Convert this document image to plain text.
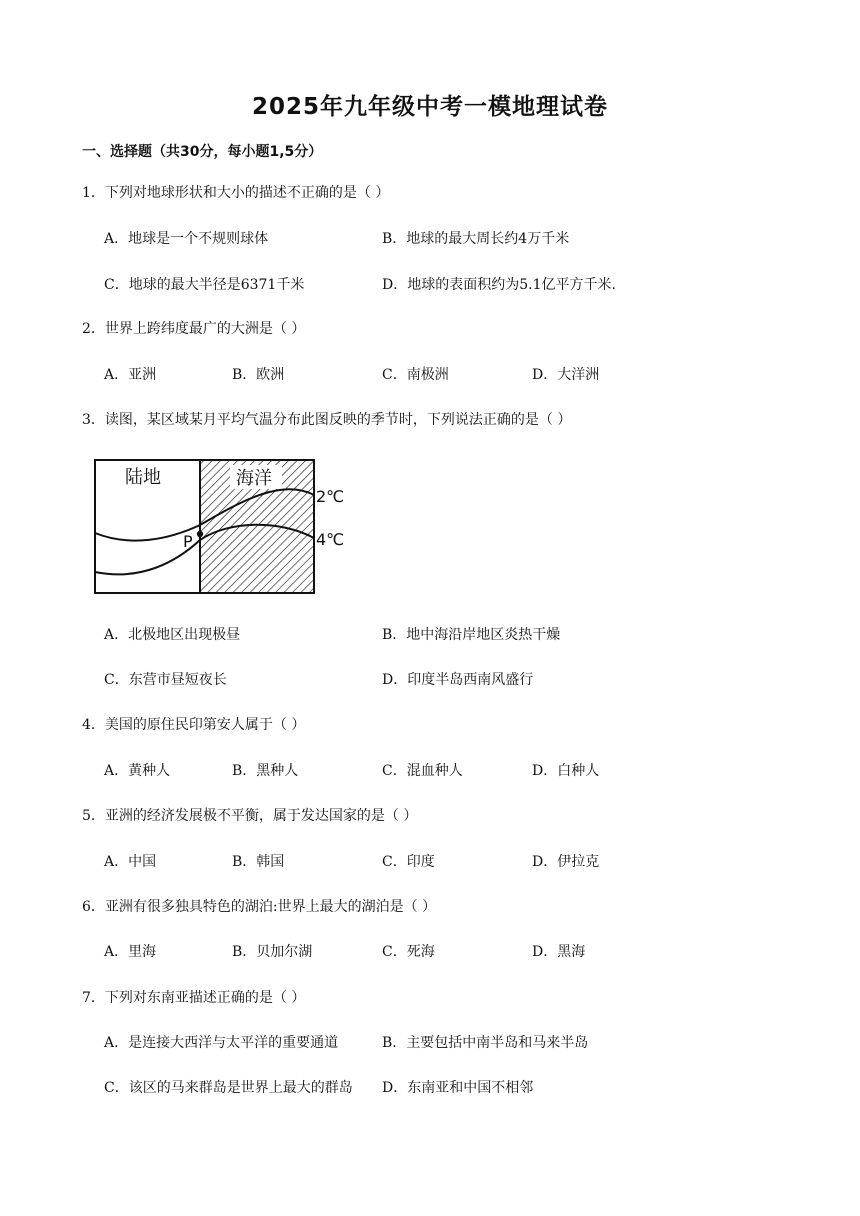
2025年九年级中考一模地理试卷
一、选择题（共30分，每小题1,5分）
1．下列对地球形状和大小的描述不正确的是（ ）
A．地球是一个不规则球体	B．地球的最大周长约4万千米
C．地球的最大半径是6371千米	D．地球的表面积约为5.1亿平方千米.
2．世界上跨纬度最广的大洲是（ ）
A．亚洲	B．欧洲	C．南极洲	D．大洋洲
3．读图，某区域某月平均气温分布此图反映的季节时，下列说法正确的是（ ）
陆地	海洋
P
2℃
4℃
A．北极地区出现极昼	B．地中海沿岸地区炎热干燥
C．东营市昼短夜长	D．印度半岛西南风盛行
4．美国的原住民印第安人属于（ ）
A．黄种人	B．黑种人	C．混血种人	D．白种人
5．亚洲的经济发展极不平衡，属于发达国家的是（ ）
A．中国	B．韩国	C．印度	D．伊拉克
6．亚洲有很多独具特色的湖泊:世界上最大的湖泊是（ ）
A．里海	B．贝加尔湖	C．死海	D．黑海
7．下列对东南亚描述正确的是（ ）
A．是连接大西洋与太平洋的重要通道	B．主要包括中南半岛和马来半岛
C．该区的马来群岛是世界上最大的群岛 D．东南亚和中国不相邻
